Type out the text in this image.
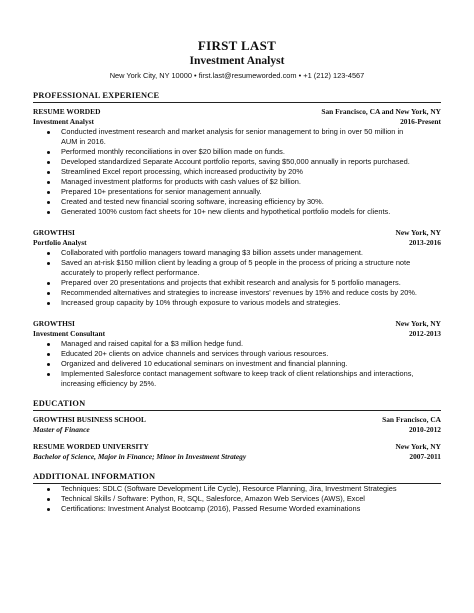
FIRST LAST
Investment Analyst
New York City, NY 10000 • first.last@resumeworded.com • +1 (212) 123-4567
PROFESSIONAL EXPERIENCE
RESUME WORDED	San Francisco, CA and New York, NY
Investment Analyst	2016-Present
Conducted investment research and market analysis for senior management to bring in over 50 million in
AUM in 2016.
Performed monthly reconciliations in over $20 billion made on funds.
Developed standardized Separate Account portfolio reports, saving $50,000 annually in reports purchased.
Streamlined Excel report processing, which increased productivity by 20%
Managed investment platforms for products with cash values of $2 billion.
Prepared 10+ presentations for senior management annually.
Created and tested new financial scoring software, increasing efficiency by 30%.
Generated 100% custom fact sheets for 10+ new clients and hypothetical portfolio models for clients.
GROWTHSI	New York, NY
Portfolio Analyst	2013-2016
Collaborated with portfolio managers toward managing $3 billion assets under management.
Saved an at-risk $150 million client by leading a group of 5 people in the process of pricing a structure note
accurately to properly reflect performance.
Prepared over 20 presentations and projects that exhibit research and analysis for 5 portfolio managers.
Recommended alternatives and strategies to increase investors' revenues by 15% and reduce costs by 20%.
Increased group capacity by 10% through exposure to various models and strategies.
GROWTHSI	New York, NY
Investment Consultant	2012-2013
Managed and raised capital for a $3 million hedge fund.
Educated 20+ clients on advice channels and services through various resources.
Organized and delivered 10 educational seminars on investment and financial planning.
Implemented Salesforce contact management software to keep track of client relationships and interactions,
increasing efficiency by 25%.
EDUCATION
GROWTHSI BUSINESS SCHOOL	San Francisco, CA
Master of Finance	2010-2012
RESUME WORDED UNIVERSITY	New York, NY
Bachelor of Science, Major in Finance; Minor in Investment Strategy	2007-2011
ADDITIONAL INFORMATION
Techniques: SDLC (Software Development Life Cycle), Resource Planning, Jira, Investment Strategies
Technical Skills / Software: Python, R, SQL, Salesforce, Amazon Web Services (AWS), Excel
Certifications: Investment Analyst Bootcamp (2016), Passed Resume Worded examinations
